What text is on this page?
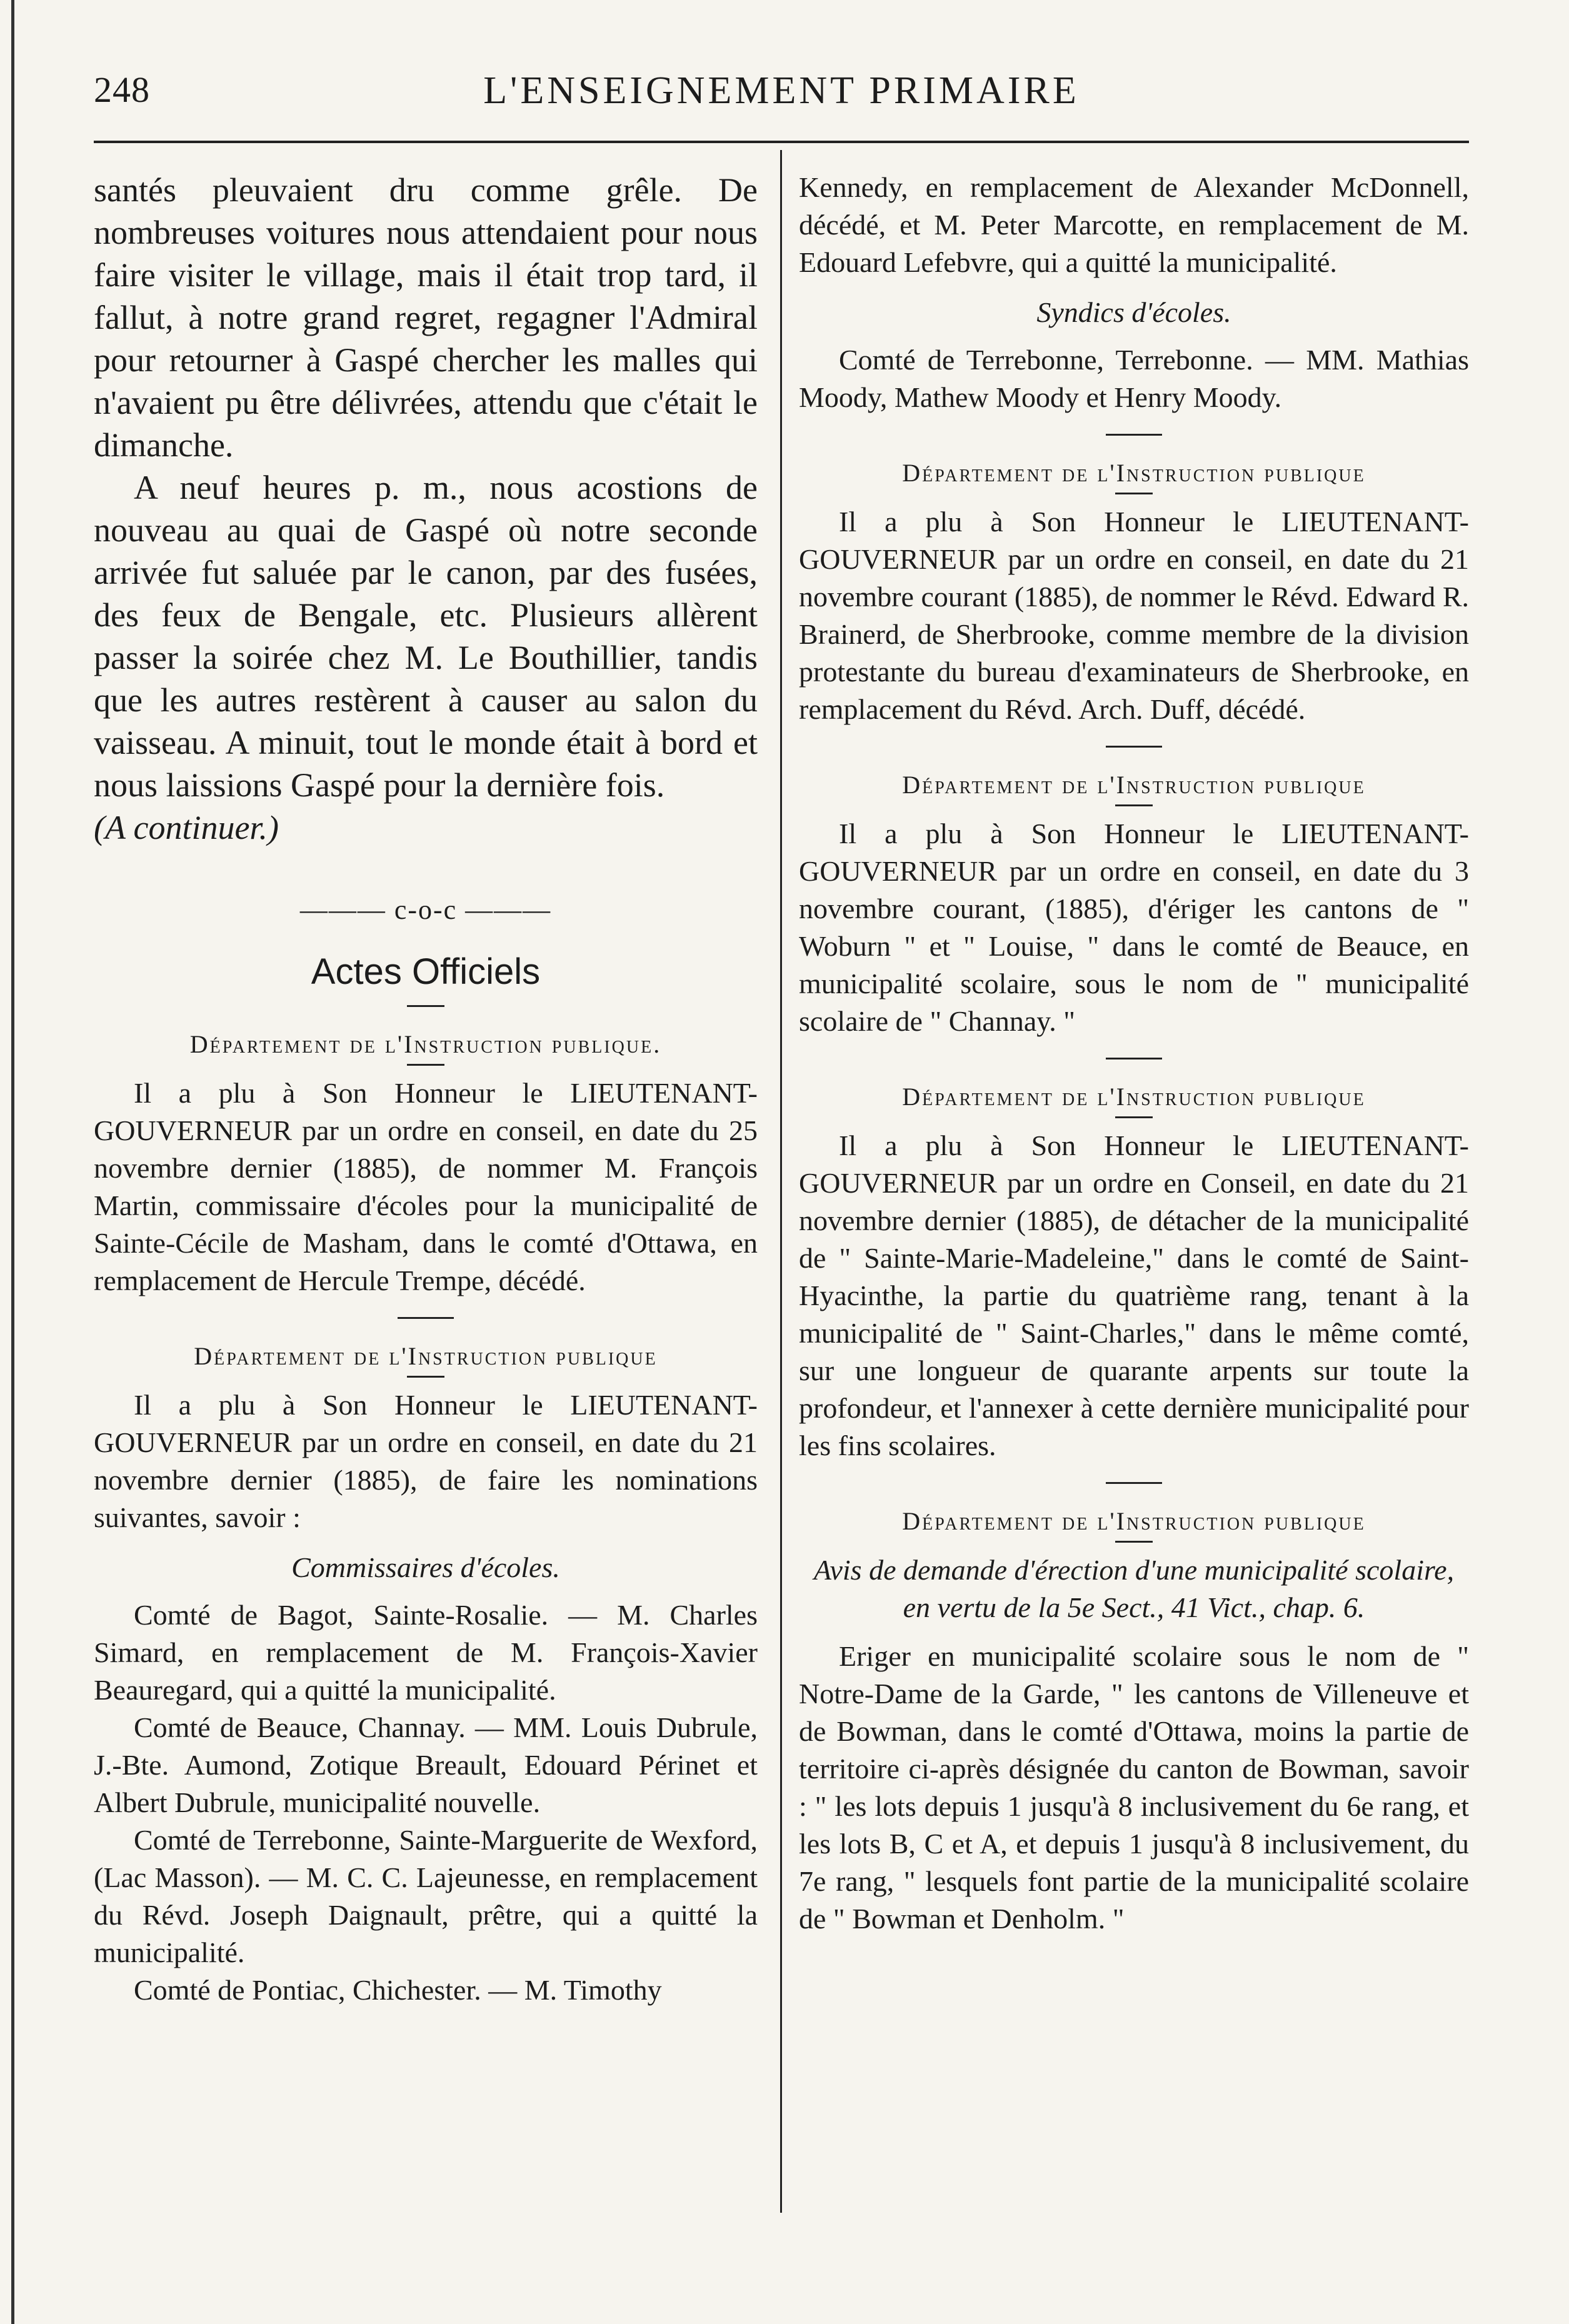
248	L'ENSEIGNEMENT PRIMAIRE

santés pleuvaient dru comme grêle. De nombreuses voitures nous attendaient pour nous faire visiter le village, mais il était trop tard, il fallut, à notre grand regret, regagner l'Admiral pour retourner à Gaspé chercher les malles qui n'avaient pu être délivrées, attendu que c'était le dimanche.

A neuf heures p. m., nous acostions de nouveau au quai de Gaspé où notre seconde arrivée fut saluée par le canon, par des fusées, des feux de Bengale, etc. Plusieurs allèrent passer la soirée chez M. Le Bouthillier, tandis que les autres restèrent à causer au salon du vaisseau. A minuit, tout le monde était à bord et nous laissions Gaspé pour la dernière fois.

(A continuer.)

——— c-o-c ———
Actes Officiels
Département de l'Instruction publique.

Il a plu à Son Honneur le LIEUTENANT-GOUVERNEUR par un ordre en conseil, en date du 25 novembre dernier (1885), de nommer M. François Martin, commissaire d'écoles pour la municipalité de Sainte-Cécile de Masham, dans le comté d'Ottawa, en remplacement de Hercule Trempe, décédé.

Département de l'Instruction publique

Il a plu à Son Honneur le LIEUTENANT-GOUVERNEUR par un ordre en conseil, en date du 21 novembre dernier (1885), de faire les nominations suivantes, savoir :

Commissaires d'écoles.

Comté de Bagot, Sainte-Rosalie. — M. Charles Simard, en remplacement de M. François-Xavier Beauregard, qui a quitté la municipalité.

Comté de Beauce, Channay. — MM. Louis Dubrule, J.-Bte. Aumond, Zotique Breault, Edouard Périnet et Albert Dubrule, municipalité nouvelle.

Comté de Terrebonne, Sainte-Marguerite de Wexford, (Lac Masson). — M. C. C. Lajeunesse, en remplacement du Révd. Joseph Daignault, prêtre, qui a quitté la municipalité.

Comté de Pontiac, Chichester. — M. Timothy

Kennedy, en remplacement de Alexander McDonnell, décédé, et M. Peter Marcotte, en remplacement de M. Edouard Lefebvre, qui a quitté la municipalité.

Syndics d'écoles.

Comté de Terrebonne, Terrebonne. — MM. Mathias Moody, Mathew Moody et Henry Moody.

Département de l'Instruction publique

Il a plu à Son Honneur le LIEUTENANT-GOUVERNEUR par un ordre en conseil, en date du 21 novembre courant (1885), de nommer le Révd. Edward R. Brainerd, de Sherbrooke, comme membre de la division protestante du bureau d'examinateurs de Sherbrooke, en remplacement du Révd. Arch. Duff, décédé.

Département de l'Instruction publique

Il a plu à Son Honneur le LIEUTENANT-GOUVERNEUR par un ordre en conseil, en date du 3 novembre courant, (1885), d'ériger les cantons de " Woburn " et " Louise, " dans le comté de Beauce, en municipalité scolaire, sous le nom de " municipalité scolaire de " Channay. "

Département de l'Instruction publique

Il a plu à Son Honneur le LIEUTENANT-GOUVERNEUR par un ordre en Conseil, en date du 21 novembre dernier (1885), de détacher de la municipalité de " Sainte-Marie-Madeleine," dans le comté de Saint-Hyacinthe, la partie du quatrième rang, tenant à la municipalité de " Saint-Charles," dans le même comté, sur une longueur de quarante arpents sur toute la profondeur, et l'annexer à cette dernière municipalité pour les fins scolaires.

Département de l'Instruction publique
Avis de demande d'érection d'une municipalité scolaire, en vertu de la 5e Sect., 41 Vict., chap. 6.

Eriger en municipalité scolaire sous le nom de " Notre-Dame de la Garde, " les cantons de Villeneuve et de Bowman, dans le comté d'Ottawa, moins la partie de territoire ci-après désignée du canton de Bowman, savoir : " les lots depuis 1 jusqu'à 8 inclusivement du 6e rang, et les lots B, C et A, et depuis 1 jusqu'à 8 inclusivement, du 7e rang, " lesquels font partie de la municipalité scolaire de " Bowman et Denholm. "
